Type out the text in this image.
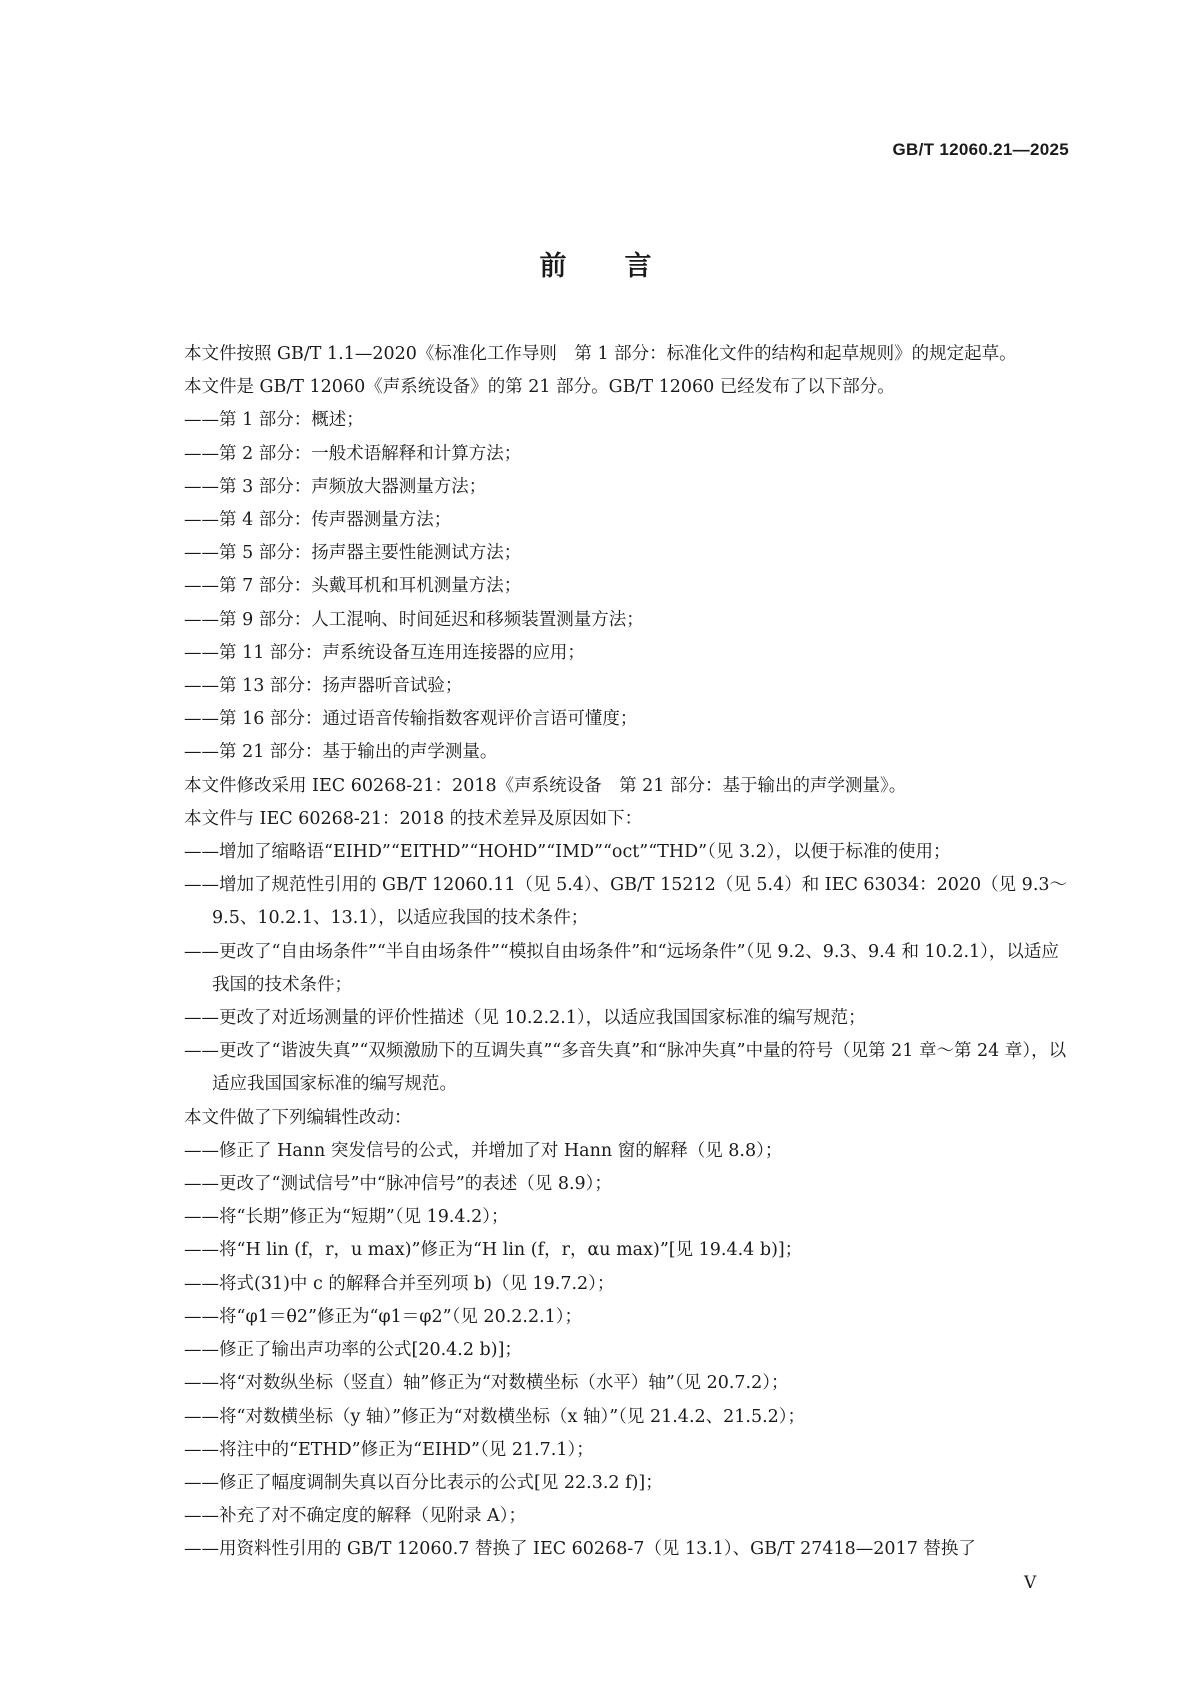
GB/T 12060.21—2025
前言

本文件按照 GB/T 1.1—2020《标准化工作导则　第 1 部分：标准化文件的结构和起草规则》的规定起草。

本文件是 GB/T 12060《声系统设备》的第 21 部分。GB/T 12060 已经发布了以下部分。

——第 1 部分：概述；

——第 2 部分：一般术语解释和计算方法；

——第 3 部分：声频放大器测量方法；

——第 4 部分：传声器测量方法；

——第 5 部分：扬声器主要性能测试方法；

——第 7 部分：头戴耳机和耳机测量方法；

——第 9 部分：人工混响、时间延迟和移频装置测量方法；

——第 11 部分：声系统设备互连用连接器的应用；

——第 13 部分：扬声器听音试验；

——第 16 部分：通过语音传输指数客观评价言语可懂度；

——第 21 部分：基于输出的声学测量。

本文件修改采用 IEC 60268-21：2018《声系统设备　第 21 部分：基于输出的声学测量》。

本文件与 IEC 60268-21：2018 的技术差异及原因如下：

——增加了缩略语“EIHD”“EITHD”“HOHD”“IMD”“oct”“THD”（见 3.2），以便于标准的使用；

——增加了规范性引用的 GB/T 12060.11（见 5.4）、GB/T 15212（见 5.4）和 IEC 63034：2020（见 9.3～9.5、10.2.1、13.1），以适应我国的技术条件；

——更改了“自由场条件”“半自由场条件”“模拟自由场条件”和“远场条件”（见 9.2、9.3、9.4 和 10.2.1），以适应我国的技术条件；

——更改了对近场测量的评价性描述（见 10.2.2.1），以适应我国国家标准的编写规范；

——更改了“谐波失真”“双频激励下的互调失真”“多音失真”和“脉冲失真”中量的符号（见第 21 章～第 24 章），以适应我国国家标准的编写规范。

本文件做了下列编辑性改动：

——修正了 Hann 突发信号的公式，并增加了对 Hann 窗的解释（见 8.8）；

——更改了“测试信号”中“脉冲信号”的表述（见 8.9）；

——将“长期”修正为“短期”（见 19.4.2）；

——将“H lin (f，r，u max)”修正为“H lin (f，r，αu max)”[见 19.4.4 b)]；

——将式(31)中 c 的解释合并至列项 b)（见 19.7.2）；

——将“φ1＝θ2”修正为“φ1＝φ2”（见 20.2.2.1）；

——修正了输出声功率的公式[20.4.2 b)]；

——将“对数纵坐标（竖直）轴”修正为“对数横坐标（水平）轴”（见 20.7.2）；

——将“对数横坐标（y 轴）”修正为“对数横坐标（x 轴）”（见 21.4.2、21.5.2）；

——将注中的“ETHD”修正为“EIHD”（见 21.7.1）；

——修正了幅度调制失真以百分比表示的公式[见 22.3.2 f)]；

——补充了对不确定度的解释（见附录 A）；

——用资料性引用的 GB/T 12060.7 替换了 IEC 60268-7（见 13.1）、GB/T 27418—2017 替换了

V
